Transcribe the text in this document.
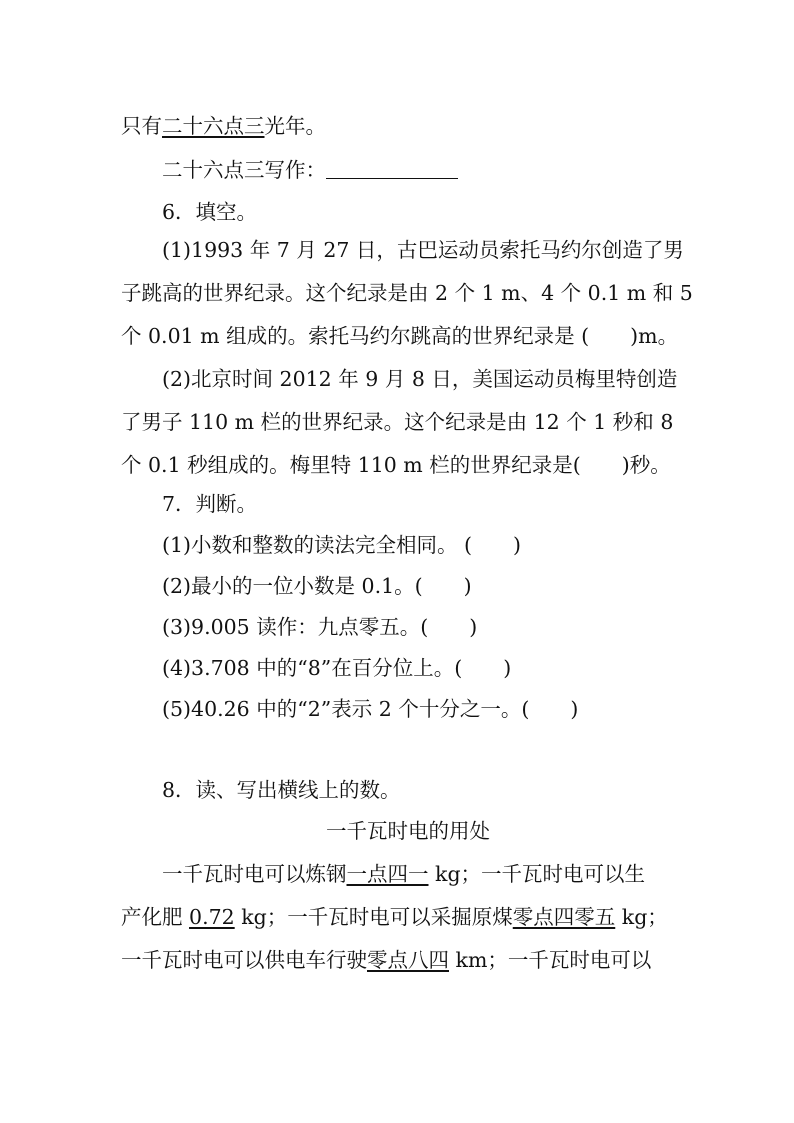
只有二十六点三光年。
二十六点三写作：
6．填空。
(1)1993 年 7 月 27 日，古巴运动员索托马约尔创造了男
子跳高的世界纪录。这个纪录是由 2 个 1 m、4 个 0.1 m 和 5
个 0.01 m 组成的。索托马约尔跳高的世界纪录是 (　　)m。
(2)北京时间 2012 年 9 月 8 日，美国运动员梅里特创造
了男子 110 m 栏的世界纪录。这个纪录是由 12 个 1 秒和 8
个 0.1 秒组成的。梅里特 110 m 栏的世界纪录是(　　)秒。
7．判断。
(1)小数和整数的读法完全相同。 (　　)
(2)最小的一位小数是 0.1。(　　)
(3)9.005 读作：九点零五。(　　)
(4)3.708 中的“8”在百分位上。(　　)
(5)40.26 中的“2”表示 2 个十分之一。(　　)
8．读、写出横线上的数。
一千瓦时电的用处
一千瓦时电可以炼钢一点四一 kg；一千瓦时电可以生
产化肥 0.72 kg；一千瓦时电可以采掘原煤零点四零五 kg；
一千瓦时电可以供电车行驶零点八四 km；一千瓦时电可以
